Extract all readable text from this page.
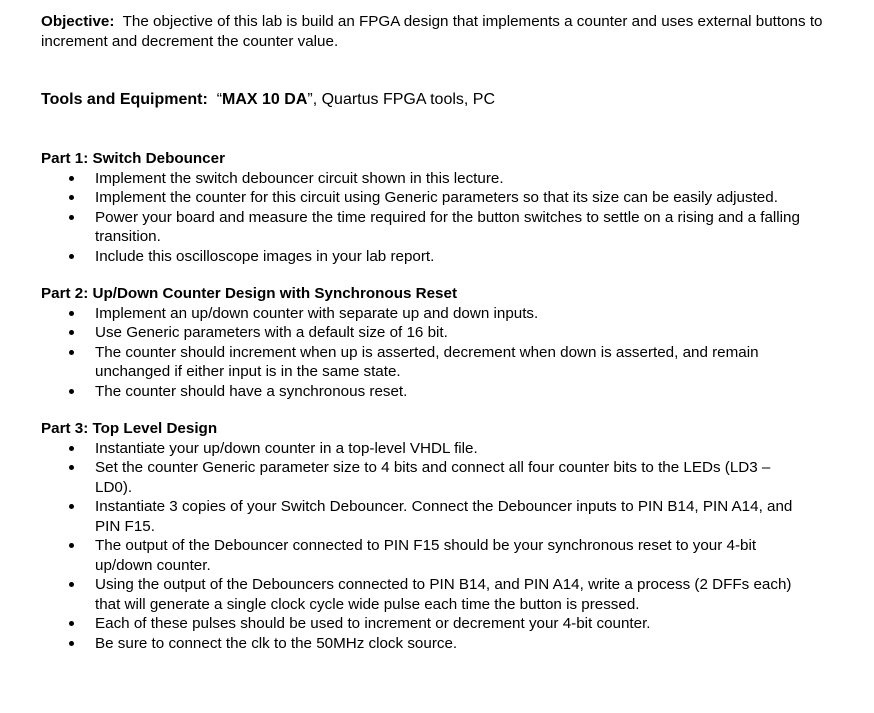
Objective: The objective of this lab is build an FPGA design that implements a counter and uses external buttons to increment and decrement the counter value.

Tools and Equipment: “MAX 10 DA”, Quartus FPGA tools, PC

Part 1: Switch Debouncer

Implement the switch debouncer circuit shown in this lecture.
Implement the counter for this circuit using Generic parameters so that its size can be easily adjusted.
Power your board and measure the time required for the button switches to settle on a rising and a falling transition.
Include this oscilloscope images in your lab report.

Part 2: Up/Down Counter Design with Synchronous Reset

Implement an up/down counter with separate up and down inputs.
Use Generic parameters with a default size of 16 bit.
The counter should increment when up is asserted, decrement when down is asserted, and remain unchanged if either input is in the same state.
The counter should have a synchronous reset.

Part 3: Top Level Design

Instantiate your up/down counter in a top-level VHDL file.
Set the counter Generic parameter size to 4 bits and connect all four counter bits to the LEDs (LD3 – LD0).
Instantiate 3 copies of your Switch Debouncer. Connect the Debouncer inputs to PIN B14, PIN A14, and PIN F15.
The output of the Debouncer connected to PIN F15 should be your synchronous reset to your 4-bit up/down counter.
Using the output of the Debouncers connected to PIN B14, and PIN A14, write a process (2 DFFs each) that will generate a single clock cycle wide pulse each time the button is pressed.
Each of these pulses should be used to increment or decrement your 4-bit counter.
Be sure to connect the clk to the 50MHz clock source.
